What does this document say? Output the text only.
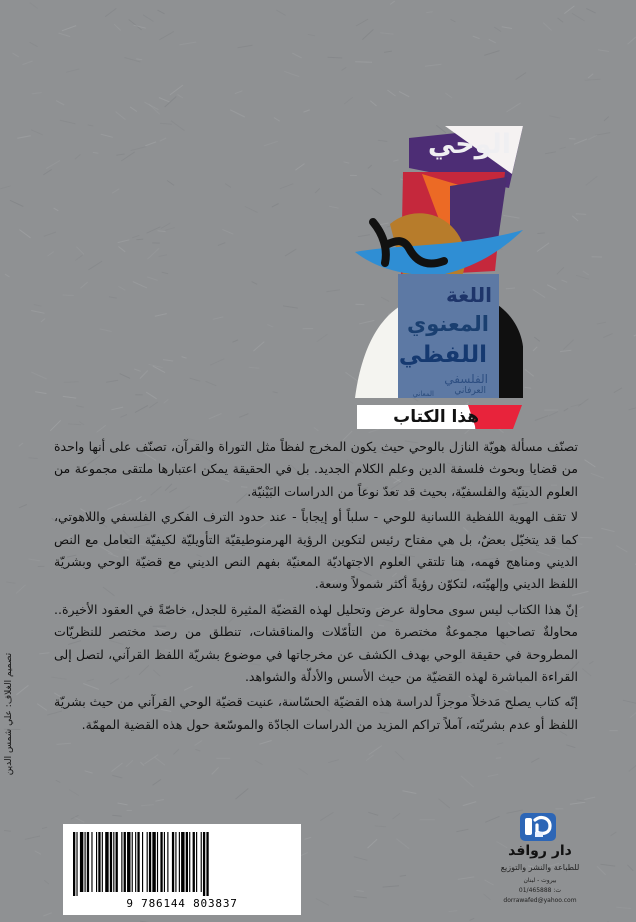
الوحي
اللغة
المعنوي
اللفظي
الفلسفي
العرفاني
المعاني
هذا الكتاب

تصنّف مسألة هويّة النازل بالوحي حيث يكون المخرج لفظاً مثل التوراة والقرآن، تصنّف على أنها واحدة من قضايا وبحوث فلسفة الدين وعلم الكلام الجديد. بل في الحقيقة يمكن اعتبارها ملتقى مجموعة من العلوم الدينيّة والفلسفيّة، بحيث قد تعدّ نوعاً من الدراسات البَيْنيّة.

لا تقف الهوية اللفظية اللسانية للوحي - سلباً أو إيجاباً - عند حدود الترف الفكري الفلسفي واللاهوتي، كما قد يتخيّل بعضٌ، بل هي مفتاح رئيس لتكوين الرؤية الهرمنوطيقيّة التأويليّة لكيفيّة التعامل مع النص الديني ومناهج فهمه، هنا تلتقي العلوم الاجتهاديّة المعنيّة بفهم النص الديني مع قضيّة الوحي وبشريّة اللفظ الديني وإلهيّته، لتكوّن رؤيةً أكثر شمولاً وسعة.

إنّ هذا الكتاب ليس سوى محاولة عرض وتحليل لهذه القضيّة المثيرة للجدل، خاصّةً في العقود الأخيرة.. محاولةٌ تصاحبها مجموعةٌ مختصرة من التأمّلات والمناقشات، تنطلق من رصد مختصر للنظريّات المطروحة في حقيقة الوحي بهدف الكشف عن مخرجاتها في موضوع بشريّة اللفظ القرآني، لتصل إلى القراءة المباشرة لهذه القضيّة من حيث الأسس والأدلّة والشواهد.

إنّه كتاب يصلح مَدخلاً موجزاً لدراسة هذه القضيّة الحسّاسة، عنيت قضيّة الوحي القرآني من حيث بشريّة اللفظ أو عدم بشريّته، آملاً تراكم المزيد من الدراسات الجادّة والموسّعة حول هذه القضية المهمّة.

تصميم الغلاف: علي شمس الدين
9 786144 803837
دار روافد
للطباعة والنشر والتوزيع
بيروت - لبنان
ت: 01/465888
dorrawafed@yahoo.com
